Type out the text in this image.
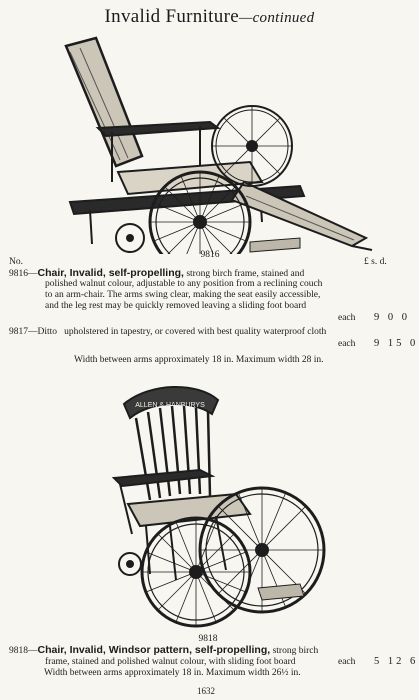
Invalid Furniture—continued
9816
No.	£ s. d.
9816—Chair, Invalid, self-propelling, strong birch frame, stained and
polished walnut colour, adjustable to any position from a reclining couch
to an arm-chair. The arms swing clear, making the seat easily accessible,
and the leg rest may be quickly removed leaving a sliding foot board
each 9 0 0
9817—Ditto upholstered in tapestry, or covered with best quality waterproof cloth
each 9 15 0
Width between arms approximately 18 in. Maximum width 28 in.
ALLEN & HANBURYS
9818
9818—Chair, Invalid, Windsor pattern, self-propelling, strong birch
frame, stained and polished walnut colour, with sliding foot board	each 5 12 6
Width between arms approximately 18 in. Maximum width 26½ in.
1632
